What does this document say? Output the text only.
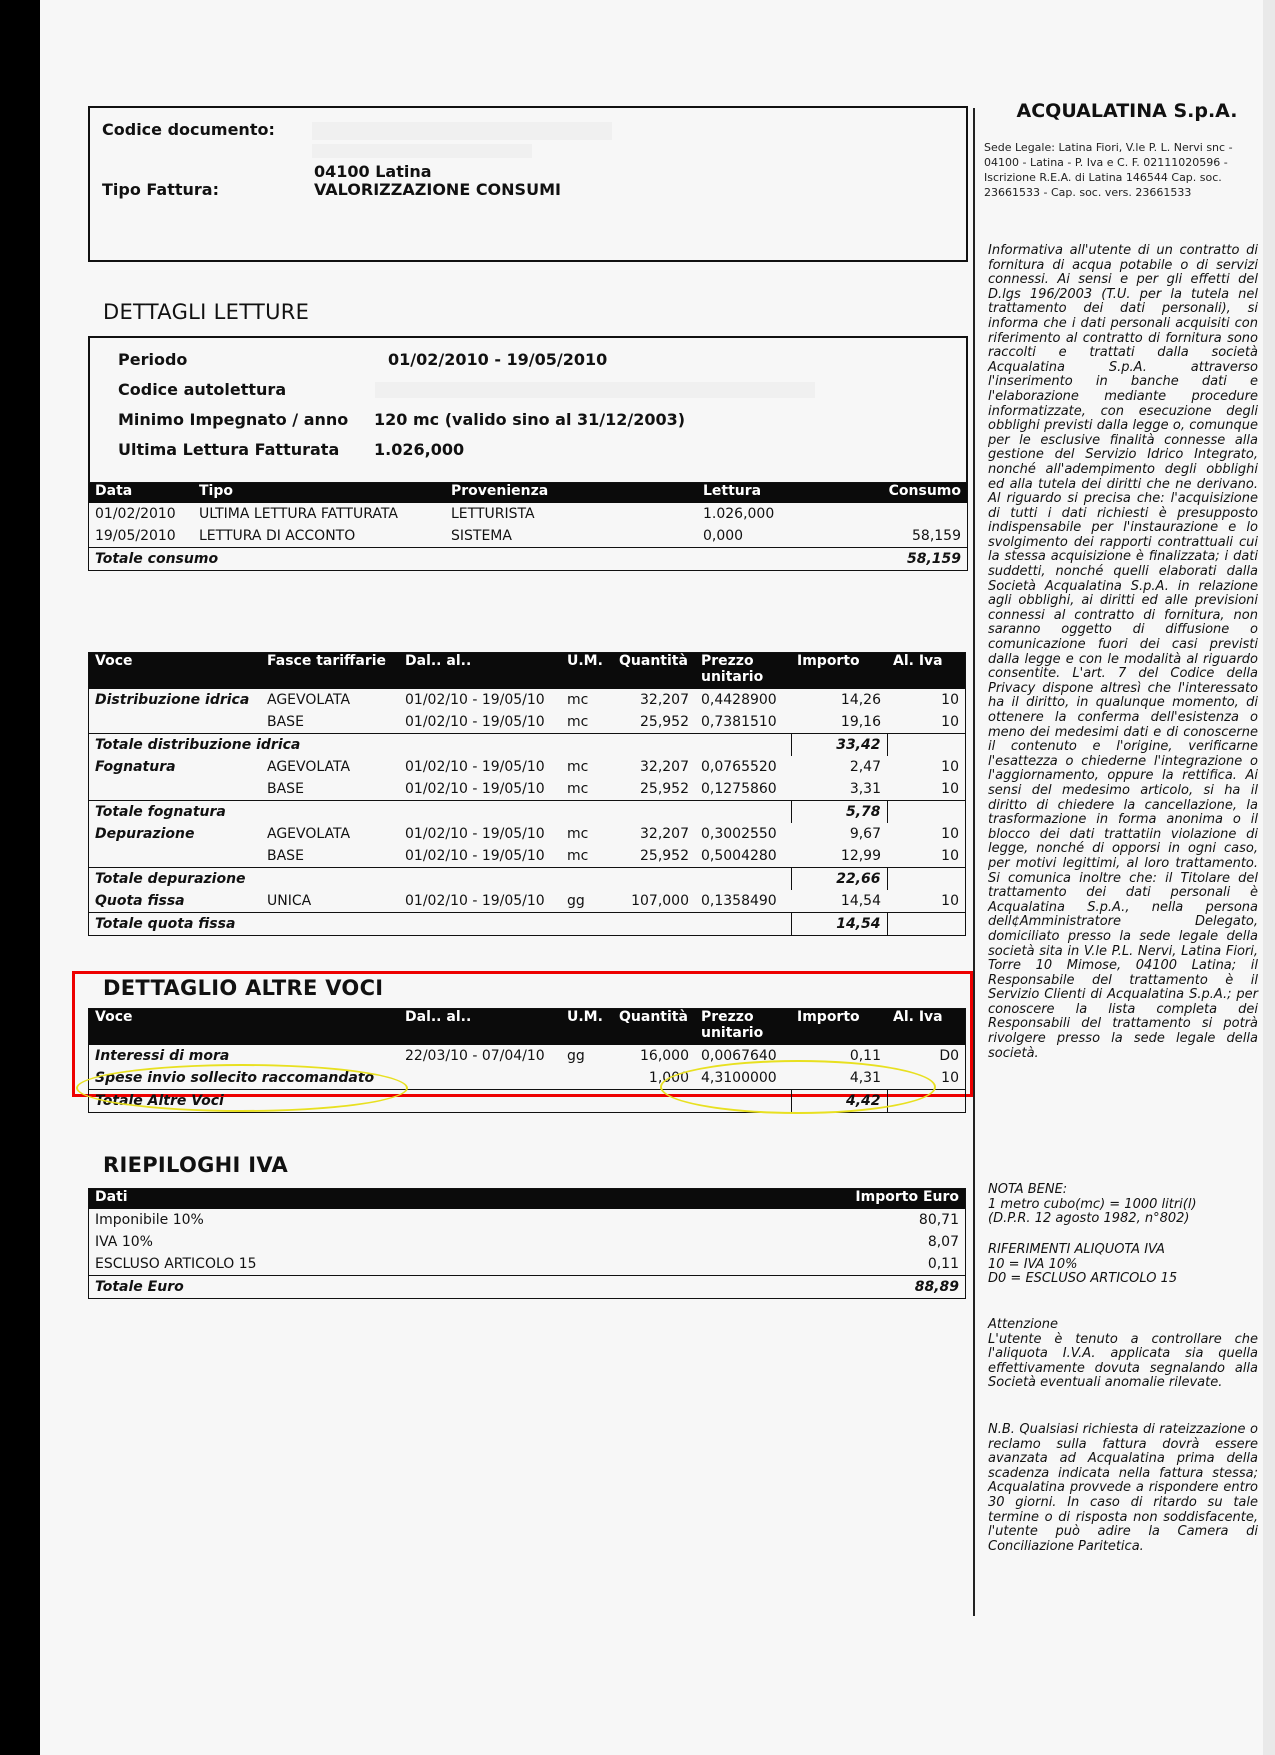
Codice documento:
04100 Latina
Tipo Fattura:	VALORIZZAZIONE CONSUMI
DETTAGLI LETTURE
Periodo	01/02/2010 - 19/05/2010
Codice autolettura
Minimo Impegnato / anno 120 mc (valido sino al 31/12/2003)
Ultima Lettura Fatturata 1.026,000
Data	Tipo	Provenienza	Lettura	Consumo
01/02/2010	ULTIMA LETTURA FATTURATA	LETTURISTA	1.026,000	
19/05/2010	LETTURA DI ACCONTO	SISTEMA	0,000	58,159
Totale consumo				58,159
Voce	Fasce tariffarie	Dal.. al..	U.M.	Quantità	Prezzo unitario	Importo	Al. Iva
Distribuzione idrica	AGEVOLATA	01/02/10 - 19/05/10	mc	32,207	0,4428900	14,26	10
	BASE	01/02/10 - 19/05/10	mc	25,952	0,7381510	19,16	10
Totale distribuzione idrica						33,42	
Fognatura	AGEVOLATA	01/02/10 - 19/05/10	mc	32,207	0,0765520	2,47	10
	BASE	01/02/10 - 19/05/10	mc	25,952	0,1275860	3,31	10
Totale fognatura						5,78	
Depurazione	AGEVOLATA	01/02/10 - 19/05/10	mc	32,207	0,3002550	9,67	10
	BASE	01/02/10 - 19/05/10	mc	25,952	0,5004280	12,99	10
Totale depurazione						22,66	
Quota fissa	UNICA	01/02/10 - 19/05/10	gg	107,000	0,1358490	14,54	10
Totale quota fissa						14,54	
DETTAGLIO ALTRE VOCI
Voce	Dal.. al..	U.M.	Quantità	Prezzo unitario	Importo	Al. Iva
Interessi di mora	22/03/10 - 07/04/10	gg	16,000	0,0067640	0,11	D0
Spese invio sollecito raccomandato			1,000	4,3100000	4,31	10
Totale Altre Voci					4,42	
RIEPILOGHI IVA
Dati	Importo Euro
Imponibile 10%	80,71
IVA 10%	8,07
ESCLUSO ARTICOLO 15	0,11
Totale Euro	88,89
ACQUALATINA S.p.A.
Sede Legale: Latina Fiori, V.le P. L. Nervi snc - 04100 - Latina - P. Iva e C. F. 02111020596 - Iscrizione R.E.A. di Latina 146544 Cap. soc. 23661533 - Cap. soc. vers. 23661533
Informativa all'utente di un contratto di fornitura di acqua potabile o di servizi connessi. Ai sensi e per gli effetti del D.lgs 196/2003 (T.U. per la tutela nel trattamento dei dati personali), si informa che i dati personali acquisiti con riferimento al contratto di fornitura sono raccolti e trattati dalla società Acqualatina S.p.A. attraverso l'inserimento in banche dati e l'elaborazione mediante procedure informatizzate, con esecuzione degli obblighi previsti dalla legge o, comunque per le esclusive finalità connesse alla gestione del Servizio Idrico Integrato, nonché all'adempimento degli obblighi ed alla tutela dei diritti che ne derivano. Al riguardo si precisa che: l'acquisizione di tutti i dati richiesti è presupposto indispensabile per l'instaurazione e lo svolgimento dei rapporti contrattuali cui la stessa acquisizione è finalizzata; i dati suddetti, nonché quelli elaborati dalla Società Acqualatina S.p.A. in relazione agli obblighi, ai diritti ed alle previsioni connessi al contratto di fornitura, non saranno oggetto di diffusione o comunicazione fuori dei casi previsti dalla legge e con le modalità al riguardo consentite. L'art. 7 del Codice della Privacy dispone altresì che l'interessato ha il diritto, in qualunque momento, di ottenere la conferma dell'esistenza o meno dei medesimi dati e di conoscerne il contenuto e l'origine, verificarne l'esattezza o chiederne l'integrazione o l'aggiornamento, oppure la rettifica. Ai sensi del medesimo articolo, si ha il diritto di chiedere la cancellazione, la trasformazione in forma anonima o il blocco dei dati trattatiin violazione di legge, nonché di opporsi in ogni caso, per motivi legittimi, al loro trattamento. Si comunica inoltre che: il Titolare del trattamento dei dati personali è Acqualatina S.p.A., nella persona dell¢Amministratore Delegato, domiciliato presso la sede legale della società sita in V.le P.L. Nervi, Latina Fiori, Torre 10 Mimose, 04100 Latina; il Responsabile del trattamento è il Servizio Clienti di Acqualatina S.p.A.; per conoscere la lista completa dei Responsabili del trattamento si potrà rivolgere presso la sede legale della società.
NOTA BENE:
1 metro cubo(mc) = 1000 litri(l)
(D.P.R. 12 agosto 1982, n°802)
RIFERIMENTI ALIQUOTA IVA
10 = IVA 10%
D0 = ESCLUSO ARTICOLO 15
Attenzione
L'utente è tenuto a controllare che l'aliquota I.V.A. applicata sia quella effettivamente dovuta segnalando alla Società eventuali anomalie rilevate.
N.B. Qualsiasi richiesta di rateizzazione o reclamo sulla fattura dovrà essere avanzata ad Acqualatina prima della scadenza indicata nella fattura stessa; Acqualatina provvede a rispondere entro 30 giorni. In caso di ritardo su tale termine o di risposta non soddisfacente, l'utente può adire la Camera di Conciliazione Paritetica.
